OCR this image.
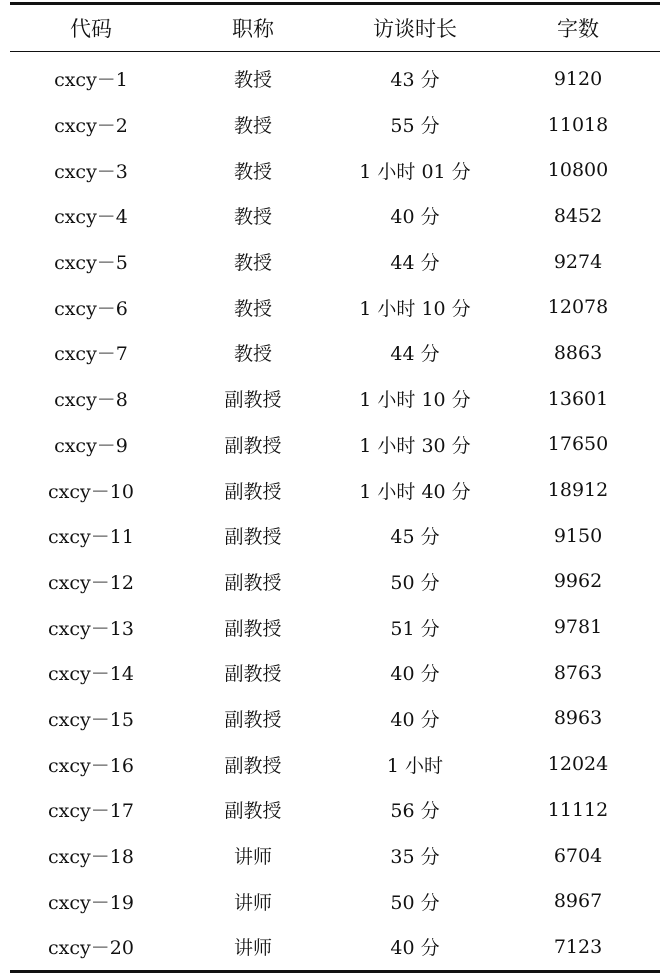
代码	职称	访谈时长	字数
cxcy－1	教授	43 分	9120
cxcy－2	教授	55 分	11018
cxcy－3	教授	1 小时 01 分	10800
cxcy－4	教授	40 分	8452
cxcy－5	教授	44 分	9274
cxcy－6	教授	1 小时 10 分	12078
cxcy－7	教授	44 分	8863
cxcy－8	副教授	1 小时 10 分	13601
cxcy－9	副教授	1 小时 30 分	17650
cxcy－10	副教授	1 小时 40 分	18912
cxcy－11	副教授	45 分	9150
cxcy－12	副教授	50 分	9962
cxcy－13	副教授	51 分	9781
cxcy－14	副教授	40 分	8763
cxcy－15	副教授	40 分	8963
cxcy－16	副教授	1 小时	12024
cxcy－17	副教授	56 分	11112
cxcy－18	讲师	35 分	6704
cxcy－19	讲师	50 分	8967
cxcy－20	讲师	40 分	7123
